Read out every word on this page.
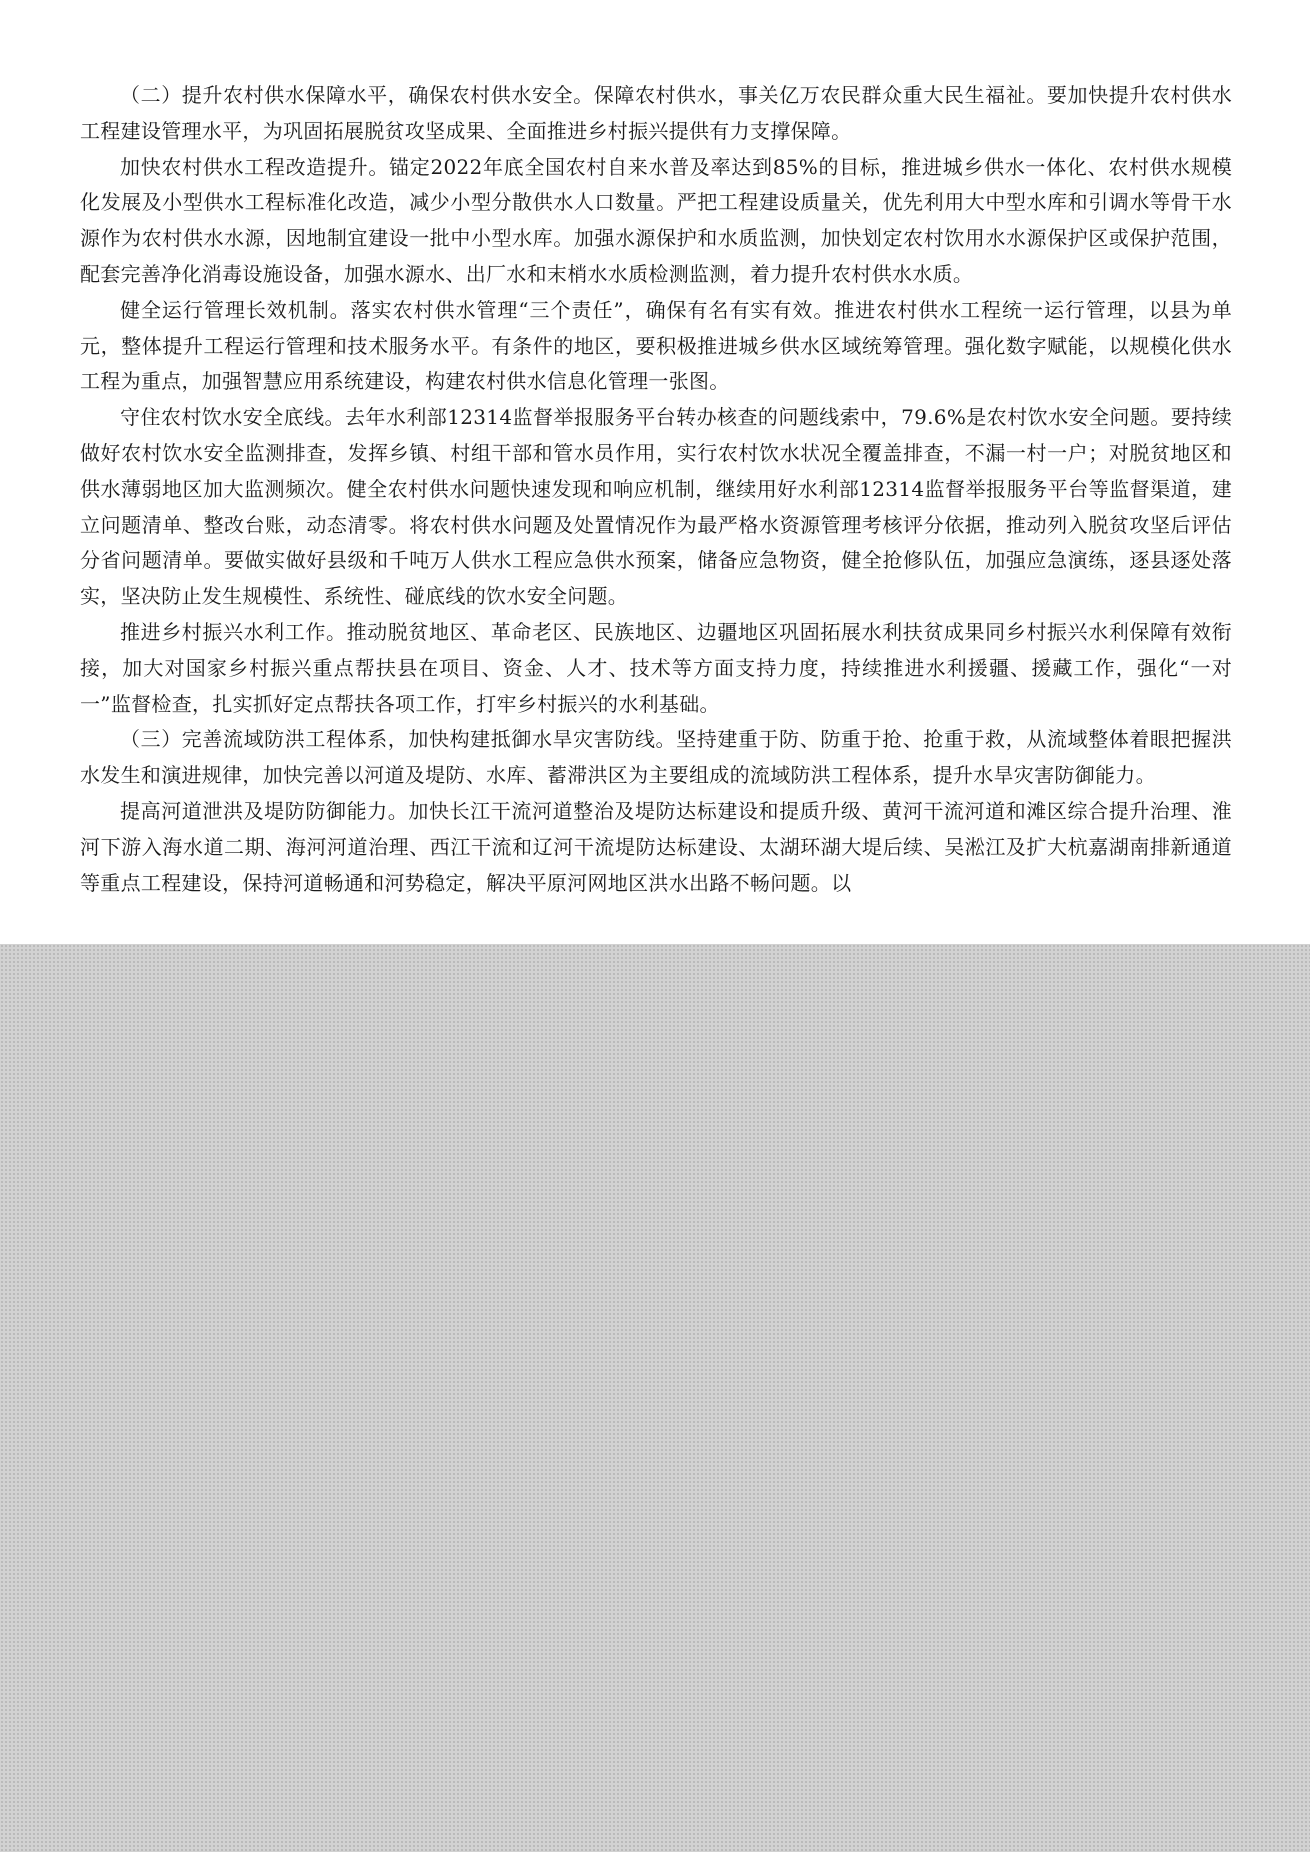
（二）提升农村供水保障水平，确保农村供水安全。保障农村供水，事关亿万农民群众重大民生福祉。要加快提升农村供水工程建设管理水平，为巩固拓展脱贫攻坚成果、全面推进乡村振兴提供有力支撑保障。

加快农村供水工程改造提升。锚定2022年底全国农村自来水普及率达到85%的目标，推进城乡供水一体化、农村供水规模化发展及小型供水工程标准化改造，减少小型分散供水人口数量。严把工程建设质量关，优先利用大中型水库和引调水等骨干水源作为农村供水水源，因地制宜建设一批中小型水库。加强水源保护和水质监测，加快划定农村饮用水水源保护区或保护范围，配套完善净化消毒设施设备，加强水源水、出厂水和末梢水水质检测监测，着力提升农村供水水质。

健全运行管理长效机制。落实农村供水管理“三个责任”，确保有名有实有效。推进农村供水工程统一运行管理，以县为单元，整体提升工程运行管理和技术服务水平。有条件的地区，要积极推进城乡供水区域统筹管理。强化数字赋能，以规模化供水工程为重点，加强智慧应用系统建设，构建农村供水信息化管理一张图。

守住农村饮水安全底线。去年水利部12314监督举报服务平台转办核查的问题线索中，79.6%是农村饮水安全问题。要持续做好农村饮水安全监测排查，发挥乡镇、村组干部和管水员作用，实行农村饮水状况全覆盖排查，不漏一村一户；对脱贫地区和供水薄弱地区加大监测频次。健全农村供水问题快速发现和响应机制，继续用好水利部12314监督举报服务平台等监督渠道，建立问题清单、整改台账，动态清零。将农村供水问题及处置情况作为最严格水资源管理考核评分依据，推动列入脱贫攻坚后评估分省问题清单。要做实做好县级和千吨万人供水工程应急供水预案，储备应急物资，健全抢修队伍，加强应急演练，逐县逐处落实，坚决防止发生规模性、系统性、碰底线的饮水安全问题。

推进乡村振兴水利工作。推动脱贫地区、革命老区、民族地区、边疆地区巩固拓展水利扶贫成果同乡村振兴水利保障有效衔接，加大对国家乡村振兴重点帮扶县在项目、资金、人才、技术等方面支持力度，持续推进水利援疆、援藏工作，强化“一对一”监督检查，扎实抓好定点帮扶各项工作，打牢乡村振兴的水利基础。

（三）完善流域防洪工程体系，加快构建抵御水旱灾害防线。坚持建重于防、防重于抢、抢重于救，从流域整体着眼把握洪水发生和演进规律，加快完善以河道及堤防、水库、蓄滞洪区为主要组成的流域防洪工程体系，提升水旱灾害防御能力。

提高河道泄洪及堤防防御能力。加快长江干流河道整治及堤防达标建设和提质升级、黄河干流河道和滩区综合提升治理、淮河下游入海水道二期、海河河道治理、西江干流和辽河干流堤防达标建设、太湖环湖大堤后续、吴淞江及扩大杭嘉湖南排新通道等重点工程建设，保持河道畅通和河势稳定，解决平原河网地区洪水出路不畅问题。以
